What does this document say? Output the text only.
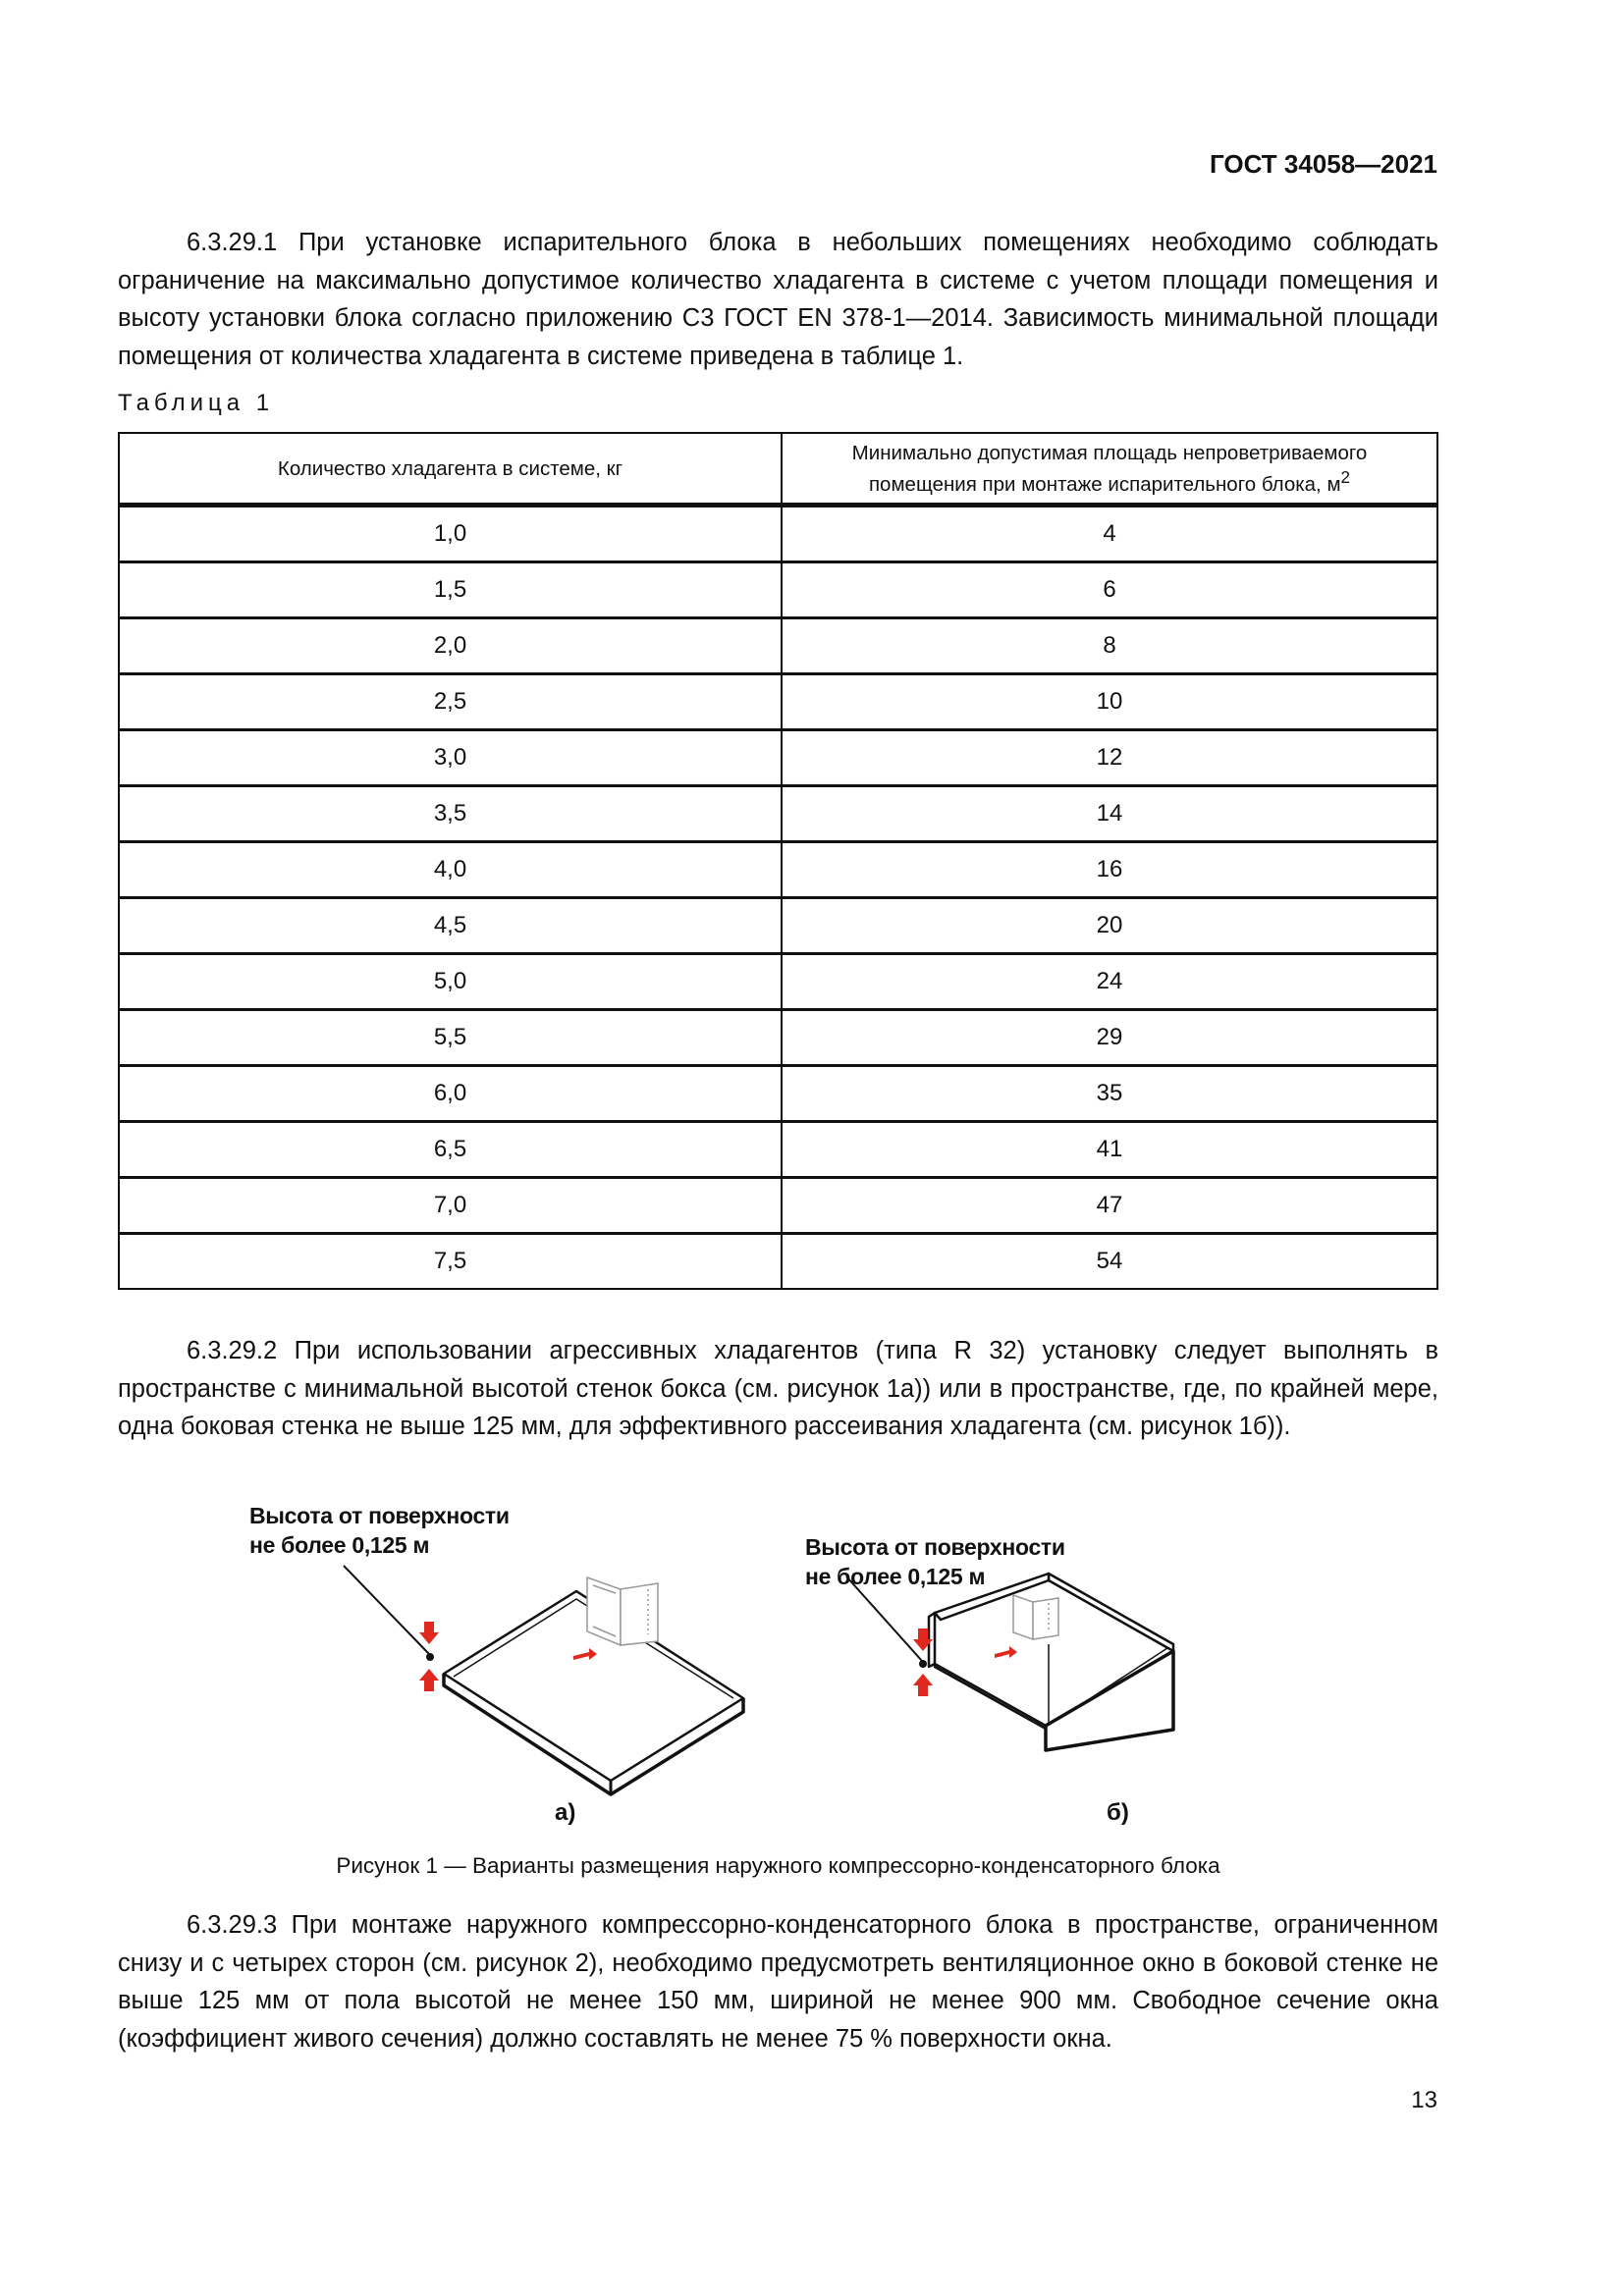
ГОСТ 34058—2021
6.3.29.1 При установке испарительного блока в небольших помещениях необходимо соблюдать ограничение на максимально допустимое количество хладагента в системе с учетом площади помещения и высоту установки блока согласно приложению С3 ГОСТ EN 378-1—2014. Зависимость минимальной площади помещения от количества хладагента в системе приведена в таблице 1.
Таблица 1
Количество хладагента в системе, кг	Минимально допустимая площадь непроветриваемого
помещения при монтаже испарительного блока, $м^2$
1,0	4
1,5	6
2,0	8
2,5	10
3,0	12
3,5	14
4,0	16
4,5	20
5,0	24
5,5	29
6,0	35
6,5	41
7,0	47
7,5	54
6.3.29.2 При использовании агрессивных хладагентов (типа R 32) установку следует выполнять в пространстве с минимальной высотой стенок бокса (см. рисунок 1а)) или в пространстве, где, по крайней мере, одна боковая стенка не выше 125 мм, для эффективного рассеивания хладагента (см. рисунок 1б)).
Высота от поверхности
не более 0,125 м	Высота от поверхности
не более 0,125 м
а)	б)
Рисунок 1 — Варианты размещения наружного компрессорно-конденсаторного блока
6.3.29.3 При монтаже наружного компрессорно-конденсаторного блока в пространстве, ограниченном снизу и с четырех сторон (см. рисунок 2), необходимо предусмотреть вентиляционное окно в боковой стенке не выше 125 мм от пола высотой не менее 150 мм, шириной не менее 900 мм. Свободное сечение окна (коэффициент живого сечения) должно составлять не менее 75 % поверхности окна.
13
